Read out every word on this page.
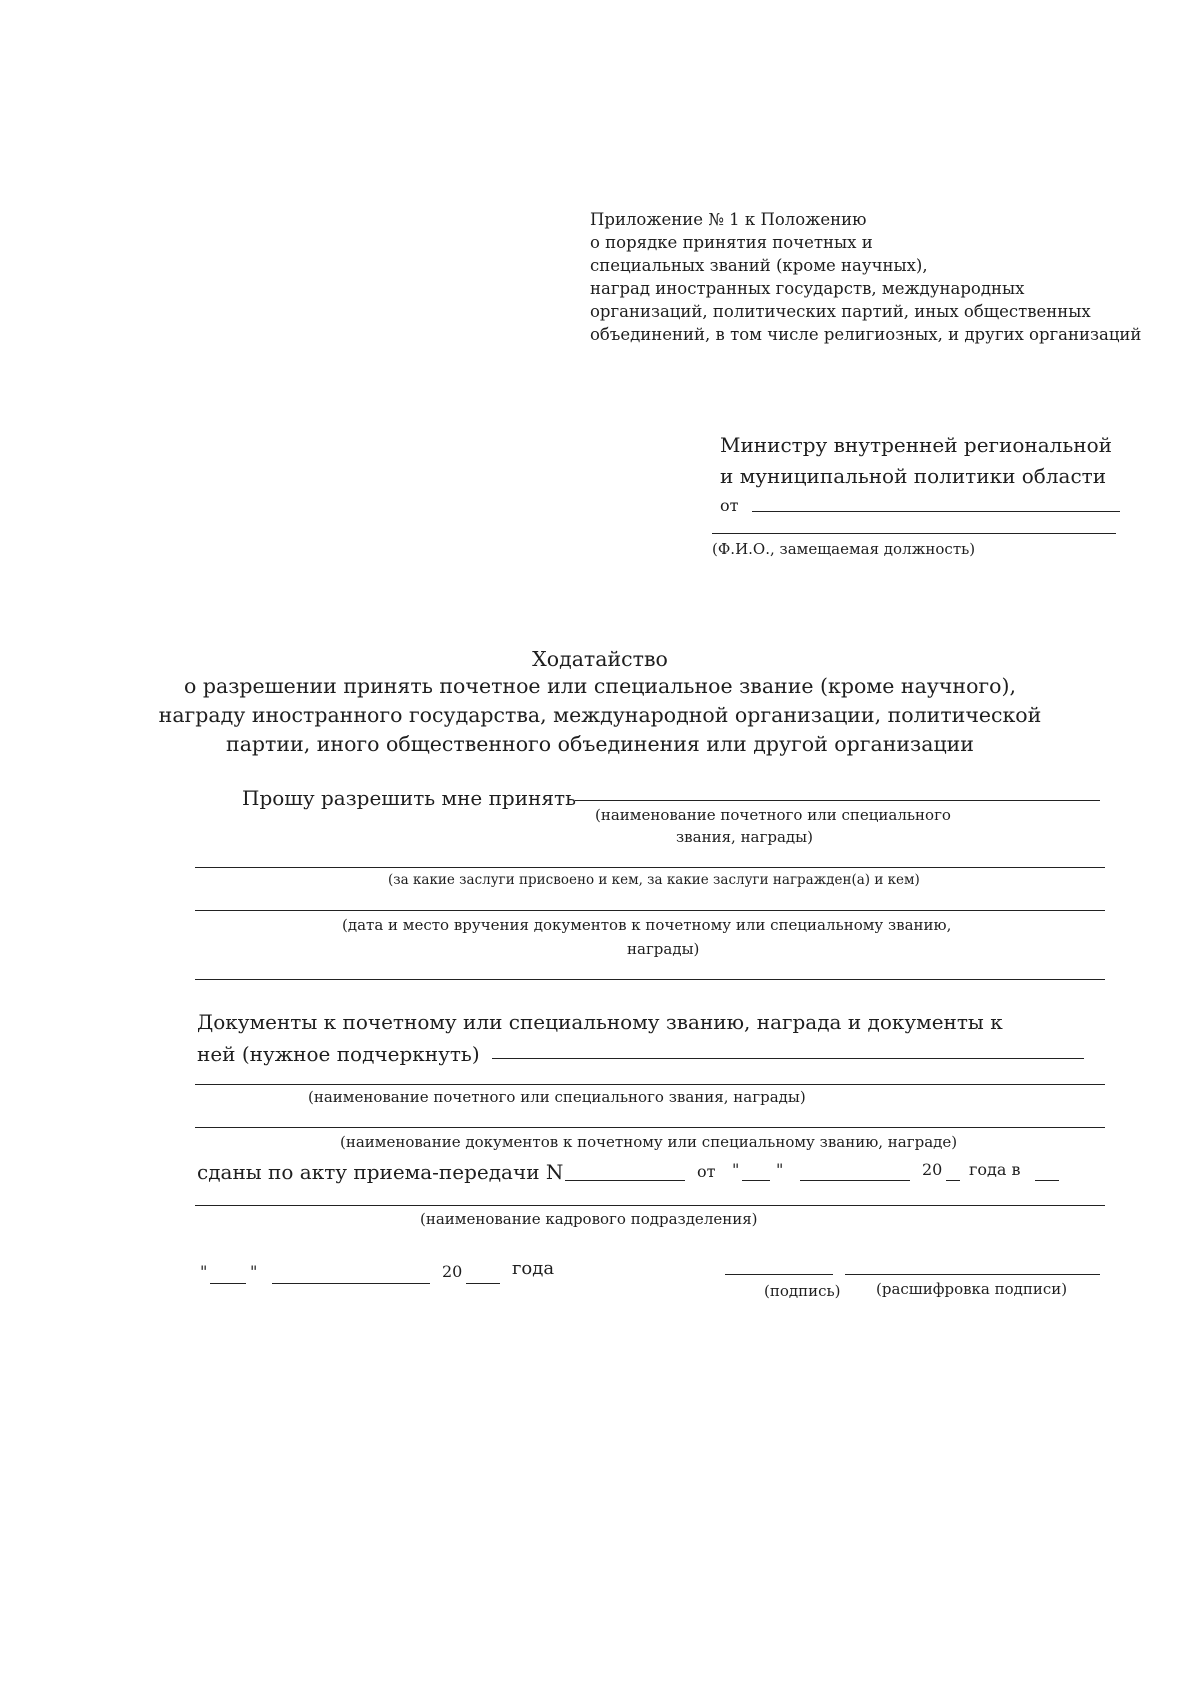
Приложение № 1 к Положению
о порядке принятия почетных и
специальных званий (кроме научных),
наград иностранных государств, международных
организаций, политических партий, иных общественных
объединений, в том числе религиозных, и других организаций
Министру внутренней региональной
и муниципальной политики области
от
(Ф.И.О., замещаемая должность)
Ходатайство
о разрешении принять почетное или специальное звание (кроме научного),
награду иностранного государства, международной организации, политической
партии, иного общественного объединения или другой организации
Прошу разрешить мне принять
(наименование почетного или специального
звания, награды)
(за какие заслуги присвоено и кем, за какие заслуги награжден(а) и кем)
(дата и место вручения документов к почетному или специальному званию,
награды)
Документы к почетному или специальному званию, награда и документы к
ней (нужное подчеркнуть)
(наименование почетного или специального звания, награды)
(наименование документов к почетному или специальному званию, награде)
сданы по акту приема-передачи N	от " "	20 года в
(наименование кадрового подразделения)
"	"	20	года
(подпись) (расшифровка подписи)
